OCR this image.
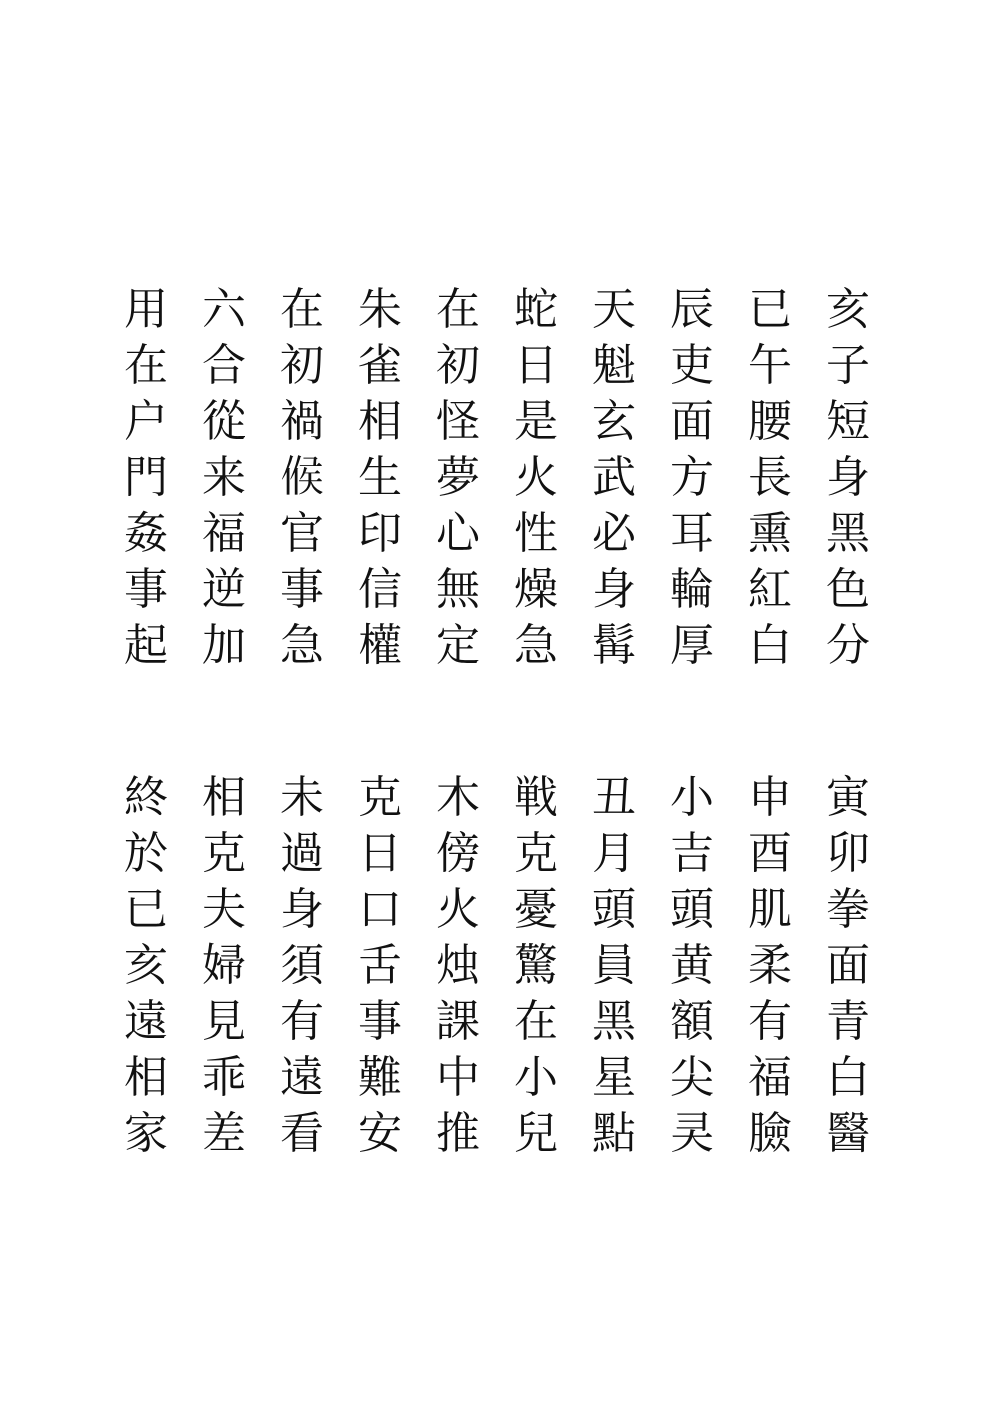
亥
子
短
身
黑
色
分
已
午
腰
長
熏
紅
白
辰
吏
面
方
耳
輪
厚
天
魁
玄
武
必
身
髯
蛇
日
是
火
性
燥
急
在
初
怪
夢
心
無
定
朱
雀
相
生
印
信
權
在
初
禍
𠋫
官
事
急
六
合
從
来
福
逆
加
用
在
户
門
姦
事
起
寅
卯
拳
面
青
白
醫
申
酉
肌
柔
有
福
臉
小
吉
頭
黄
額
尖
㚑
丑
月
頭
員
黑
星
點
戦
克
憂
驚
在
小
兒
木
傍
火
烛
課
中
推
克
日
口
舌
事
難
安
未
過
身
須
有
遠
看
相
克
夫
婦
見
乖
差
終
於
已
亥
遠
相
家
